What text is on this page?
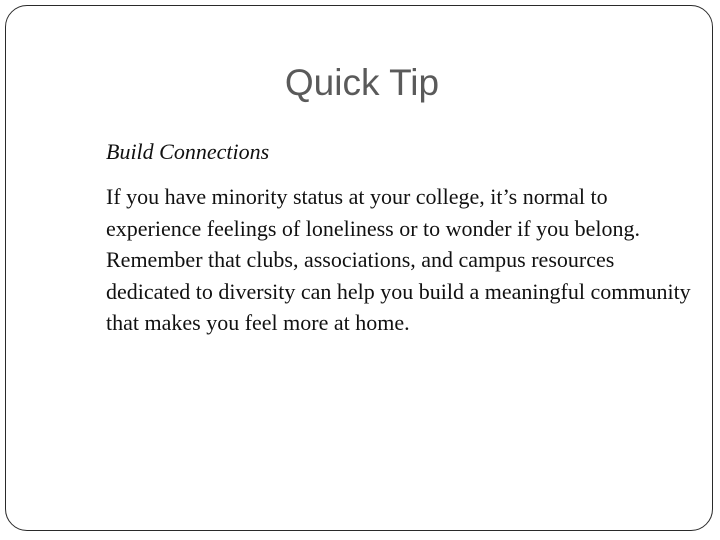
Quick Tip

Build Connections

If you have minority status at your college, it’s normal to experience feelings of loneliness or to wonder if you belong. Remember that clubs, associations, and campus resources dedicated to diversity can help you build a meaningful community that makes you feel more at home.
